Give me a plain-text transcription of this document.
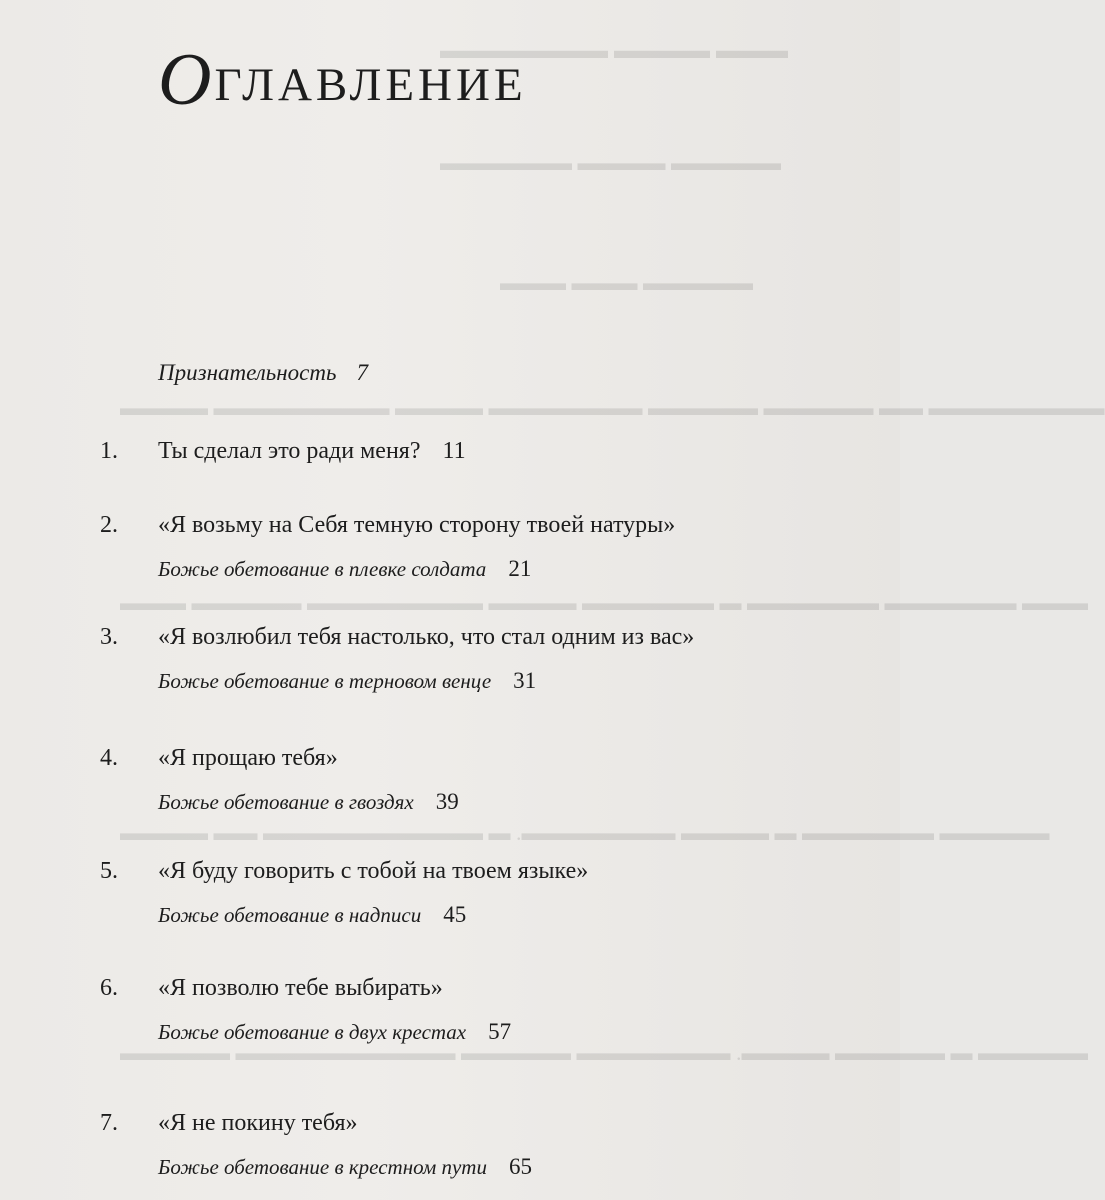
▬▬▬ ▬▬▬▬ ▬▬▬▬▬▬▬
▬▬▬▬▬ ▬▬▬▬ ▬▬▬▬▬▬
▬▬▬▬▬ ▬▬▬ ▬▬▬
▬▬▬▬▬▬▬▬ ▬▬ ▬▬▬▬▬ ▬▬▬▬▬ ▬▬▬▬▬▬▬ ▬▬▬▬ ▬▬▬▬▬▬▬▬ ▬▬▬▬
▬▬▬ ▬▬▬▬▬▬ ▬▬▬▬▬▬ ▬ ▬▬▬▬▬▬ ▬▬▬▬ ▬▬▬▬▬▬▬▬ ▬▬▬▬▬ ▬▬▬
▬▬▬▬▬ ▬▬▬▬▬▬ ▬ ▬▬▬▬ ▬▬▬▬▬▬▬. ▬ ▬▬▬▬▬▬▬▬▬▬ ▬▬ ▬▬▬▬
▬▬▬▬▬ ▬ ▬▬▬▬▬ ▬▬▬▬. ▬▬▬▬▬▬▬ ▬▬▬▬▬ ▬▬▬▬▬▬▬▬▬▬ ▬▬▬▬▬
ОГЛАВЛЕНИЕ
Признательность 7
1. Ты сделал это ради меня? 11
2. «Я возьму на Себя темную сторону твоей натуры»
Божье обетование в плевке солдата 21
3. «Я возлюбил тебя настолько, что стал одним из вас»
Божье обетование в терновом венце 31
4. «Я прощаю тебя»
Божье обетование в гвоздях 39
5. «Я буду говорить с тобой на твоем языке»
Божье обетование в надписи 45
6. «Я позволю тебе выбирать»
Божье обетование в двух крестах 57
7. «Я не покину тебя»
Божье обетование в крестном пути 65
